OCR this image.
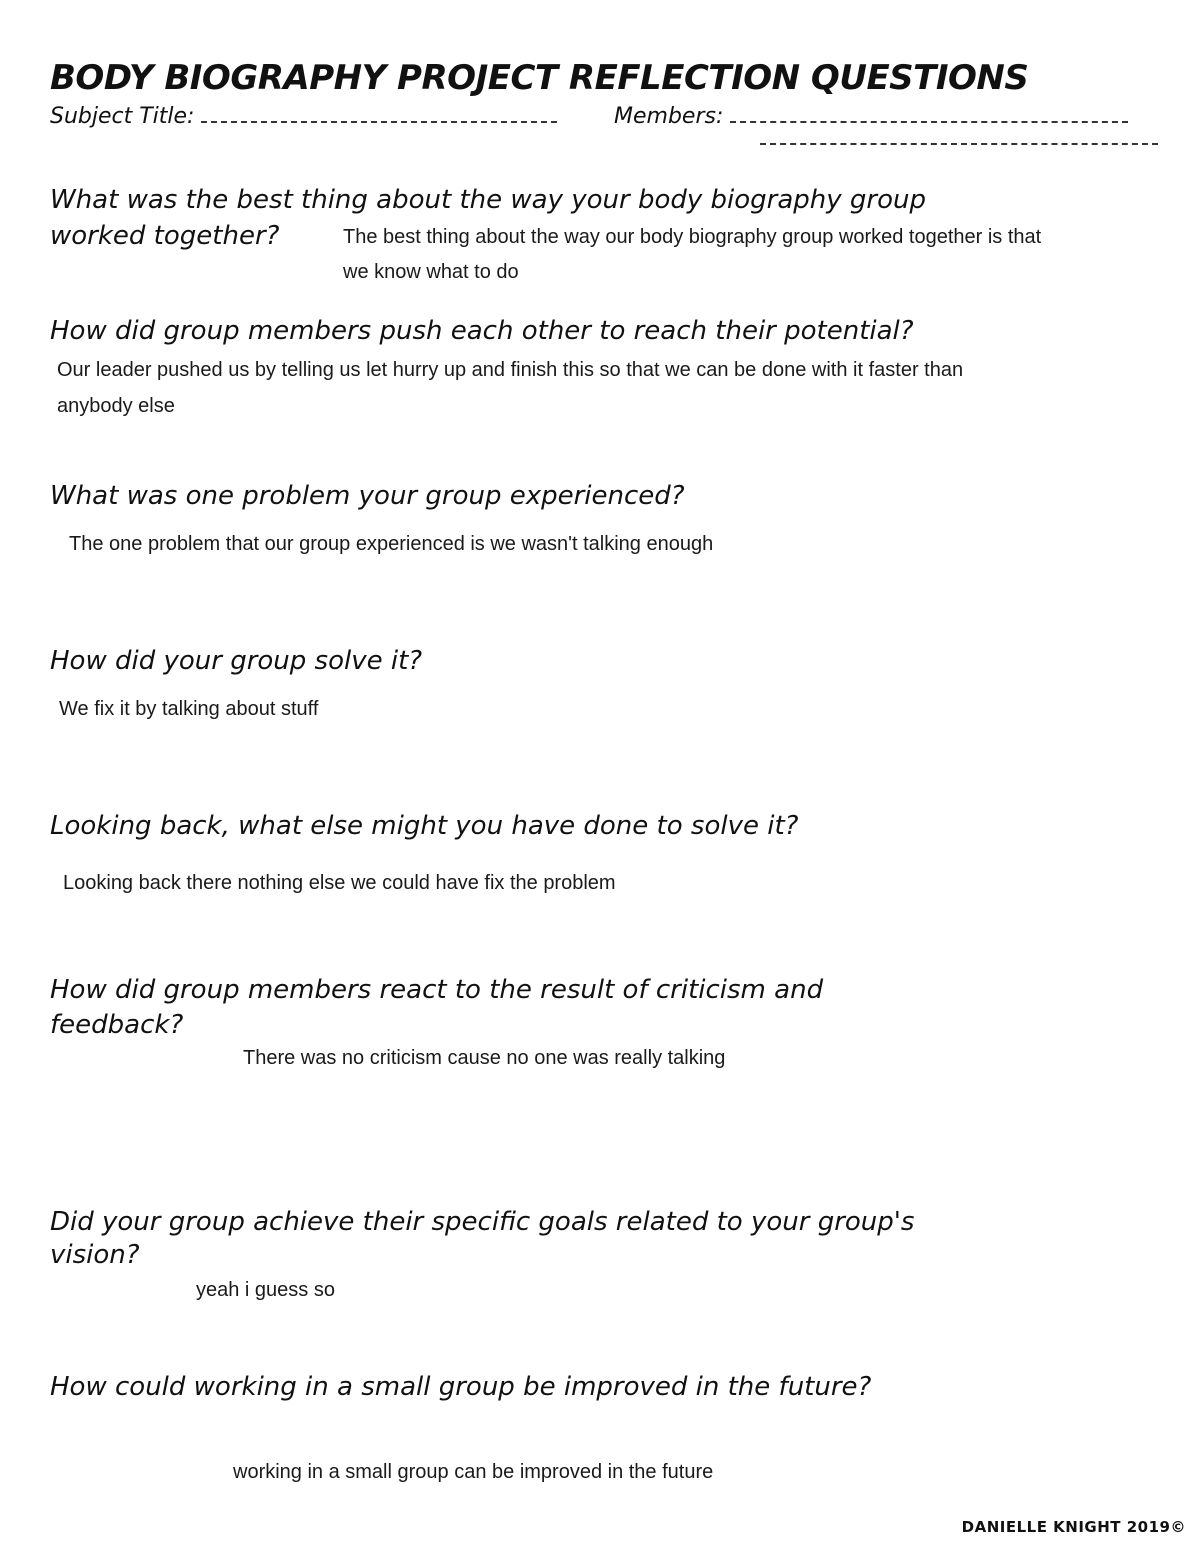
BODY BIOGRAPHY PROJECT REFLECTION QUESTIONS
Subject Title:	Members:
What was the best thing about the way your body biography group
worked together?	The best thing about the way our body biography group worked together is that
we know what to do
How did group members push each other to reach their potential?
Our leader pushed us by telling us let hurry up and finish this so that we can be done with it faster than
anybody else
What was one problem your group experienced?
The one problem that our group experienced is we wasn't talking enough
How did your group solve it?
We fix it by talking about stuff
Looking back, what else might you have done to solve it?
Looking back there nothing else we could have fix the problem
How did group members react to the result of criticism and
feedback?
There was no criticism cause no one was really talking
Did your group achieve their specific goals related to your group's
vision?
yeah i guess so
How could working in a small group be improved in the future?
working in a small group can be improved in the future
DANIELLE KNIGHT 2019©
